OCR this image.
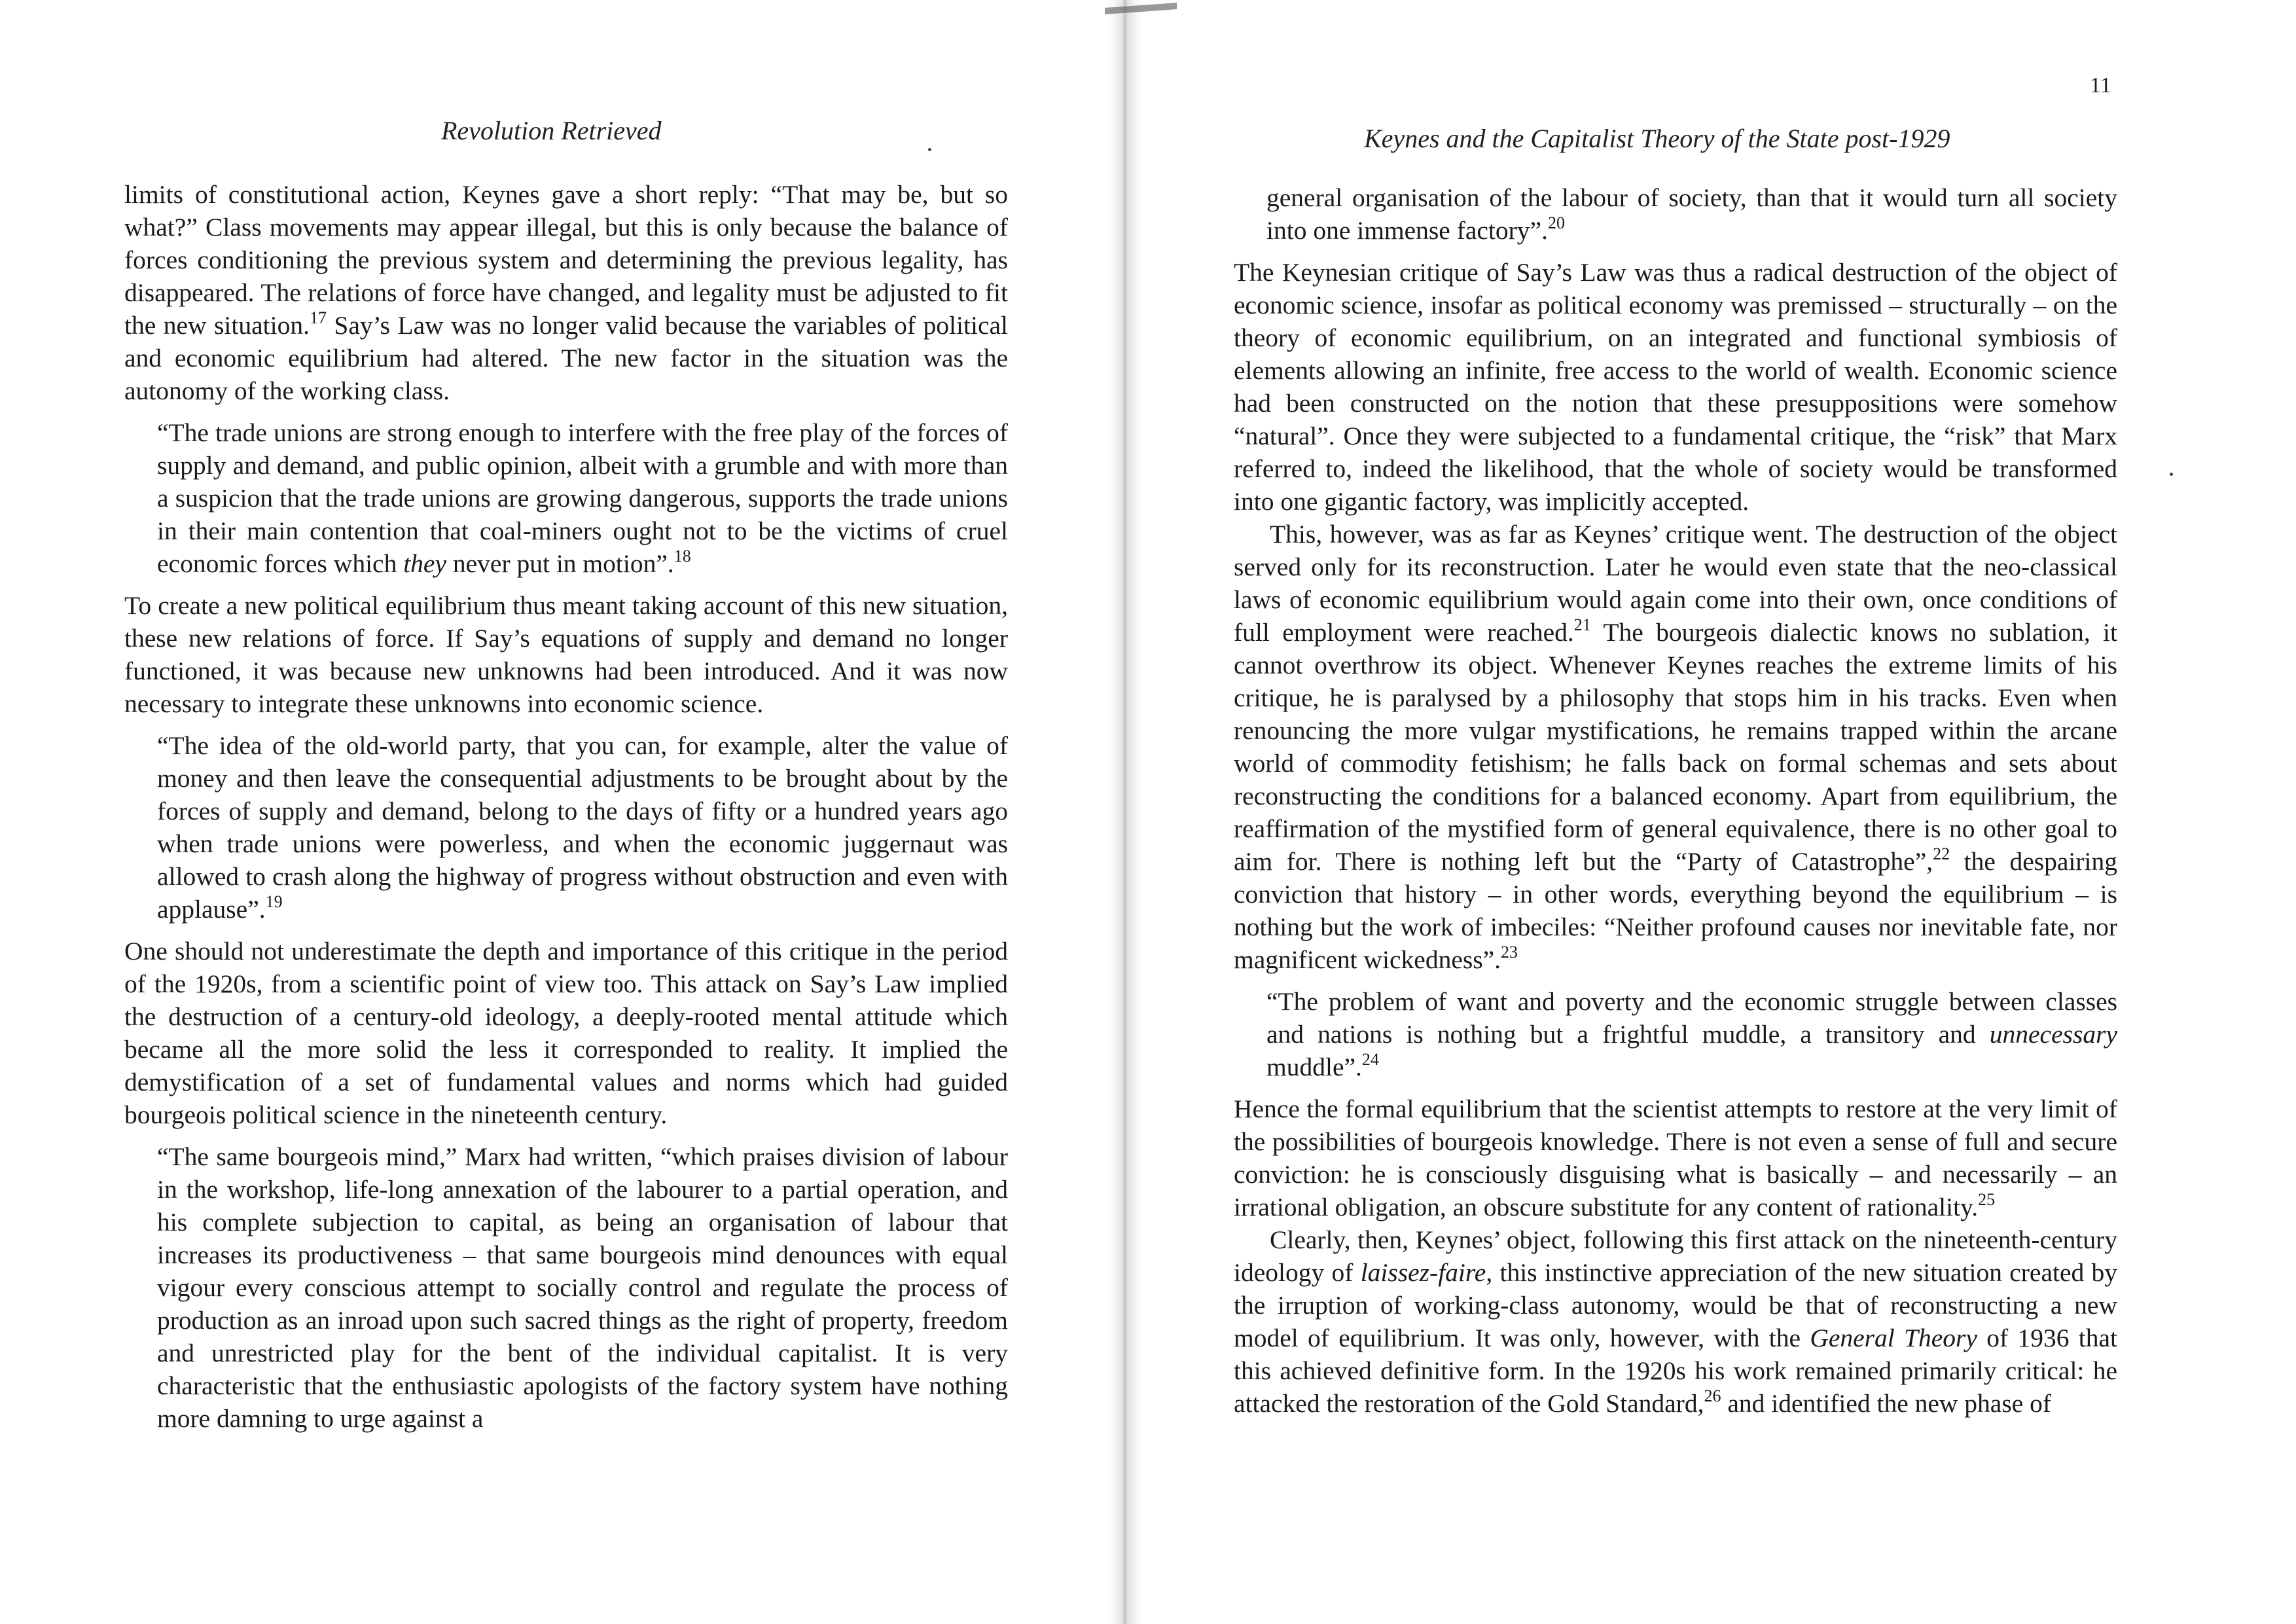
Revolution Retrieved

limits of constitutional action, Keynes gave a short reply: “That may be, but so what?” Class movements may appear illegal, but this is only because the balance of forces conditioning the previous system and determining the previous legality, has disappeared. The relations of force have changed, and legality must be adjusted to fit the new situation.$^{17}$ Say’s Law was no longer valid because the variables of political and economic equilibrium had altered. The new factor in the situation was the autonomy of the working class.

“The trade unions are strong enough to interfere with the free play of the forces of supply and demand, and public opinion, albeit with a grumble and with more than a suspicion that the trade unions are growing dangerous, supports the trade unions in their main contention that coal-miners ought not to be the victims of cruel economic forces which they never put in motion”.$^{18}$

To create a new political equilibrium thus meant taking account of this new situation, these new relations of force. If Say’s equations of supply and demand no longer functioned, it was because new unknowns had been introduced. And it was now necessary to integrate these unknowns into economic science.

“The idea of the old-world party, that you can, for example, alter the value of money and then leave the consequential adjustments to be brought about by the forces of supply and demand, belong to the days of fifty or a hundred years ago when trade unions were powerless, and when the economic juggernaut was allowed to crash along the highway of progress without obstruction and even with applause”.$^{19}$

One should not underestimate the depth and importance of this critique in the period of the 1920s, from a scientific point of view too. This attack on Say’s Law implied the destruction of a century-old ideology, a deeply-rooted mental attitude which became all the more solid the less it corresponded to reality. It implied the demystification of a set of fundamental values and norms which had guided bourgeois political science in the nineteenth century.

“The same bourgeois mind,” Marx had written, “which praises division of labour in the workshop, life-long annexation of the labourer to a partial operation, and his complete subjection to capital, as being an organisation of labour that increases its productiveness – that same bourgeois mind denounces with equal vigour every conscious attempt to socially control and regulate the process of production as an inroad upon such sacred things as the right of property, freedom and unrestricted play for the bent of the individual capitalist. It is very characteristic that the enthusiastic apologists of the factory system have nothing more damning to urge against a

11
Keynes and the Capitalist Theory of the State post-1929

general organisation of the labour of society, than that it would turn all society into one immense factory”.$^{20}$

The Keynesian critique of Say’s Law was thus a radical destruction of the object of economic science, insofar as political economy was premissed – structurally – on the theory of economic equilibrium, on an integrated and functional symbiosis of elements allowing an infinite, free access to the world of wealth. Economic science had been constructed on the notion that these presuppositions were somehow “natural”. Once they were subjected to a fundamental critique, the “risk” that Marx referred to, indeed the likelihood, that the whole of society would be transformed into one gigantic factory, was implicitly accepted.

This, however, was as far as Keynes’ critique went. The destruction of the object served only for its reconstruction. Later he would even state that the neo-classical laws of economic equilibrium would again come into their own, once conditions of full employment were reached.$^{21}$ The bourgeois dialectic knows no sublation, it cannot overthrow its object. Whenever Keynes reaches the extreme limits of his critique, he is paralysed by a philosophy that stops him in his tracks. Even when renouncing the more vulgar mystifications, he remains trapped within the arcane world of commodity fetishism; he falls back on formal schemas and sets about reconstructing the conditions for a balanced economy. Apart from equilibrium, the reaffirmation of the mystified form of general equivalence, there is no other goal to aim for. There is nothing left but the “Party of Catastrophe”,$^{22}$ the despairing conviction that history – in other words, everything beyond the equilibrium – is nothing but the work of imbeciles: “Neither profound causes nor inevitable fate, nor magnificent wickedness”.$^{23}$

“The problem of want and poverty and the economic struggle between classes and nations is nothing but a frightful muddle, a transitory and unnecessary muddle”.$^{24}$

Hence the formal equilibrium that the scientist attempts to restore at the very limit of the possibilities of bourgeois knowledge. There is not even a sense of full and secure conviction: he is consciously disguising what is basically – and necessarily – an irrational obligation, an obscure substitute for any content of rationality.$^{25}$

Clearly, then, Keynes’ object, following this first attack on the nineteenth-century ideology of laissez-faire, this instinctive appreciation of the new situation created by the irruption of working-class autonomy, would be that of reconstructing a new model of equilibrium. It was only, however, with the General Theory of 1936 that this achieved definitive form. In the 1920s his work remained primarily critical: he attacked the restoration of the Gold Standard,$^{26}$ and identified the new phase of
